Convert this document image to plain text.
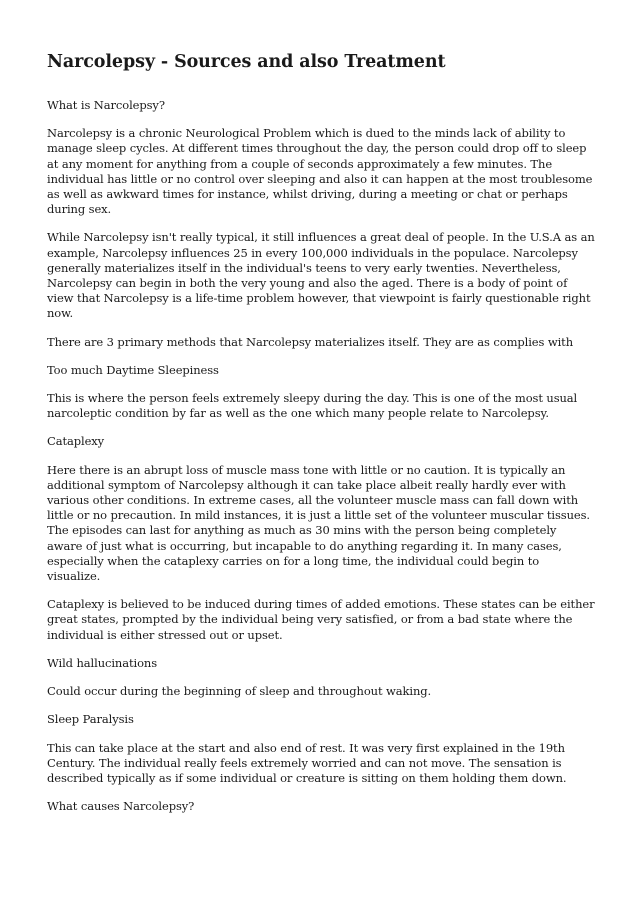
Narcolepsy - Sources and also Treatment

What is Narcolepsy?

Narcolepsy is a chronic Neurological Problem which is dued to the minds lack of ability to manage sleep cycles. At different times throughout the day, the person could drop off to sleep at any moment for anything from a couple of seconds approximately a few minutes. The individual has little or no control over sleeping and also it can happen at the most troublesome as well as awkward times for instance, whilst driving, during a meeting or chat or perhaps during sex.

While Narcolepsy isn't really typical, it still influences a great deal of people. In the U.S.A as an example, Narcolepsy influences 25 in every 100,000 individuals in the populace. Narcolepsy generally materializes itself in the individual's teens to very early twenties. Nevertheless, Narcolepsy can begin in both the very young and also the aged. There is a body of point of view that Narcolepsy is a life-time problem however, that viewpoint is fairly questionable right now.

There are 3 primary methods that Narcolepsy materializes itself. They are as complies with

Too much Daytime Sleepiness

This is where the person feels extremely sleepy during the day. This is one of the most usual narcoleptic condition by far as well as the one which many people relate to Narcolepsy.

Cataplexy

Here there is an abrupt loss of muscle mass tone with little or no caution. It is typically an additional symptom of Narcolepsy although it can take place albeit really hardly ever with various other conditions. In extreme cases, all the volunteer muscle mass can fall down with little or no precaution. In mild instances, it is just a little set of the volunteer muscular tissues. The episodes can last for anything as much as 30 mins with the person being completely aware of just what is occurring, but incapable to do anything regarding it. In many cases, especially when the cataplexy carries on for a long time, the individual could begin to visualize.

Cataplexy is believed to be induced during times of added emotions. These states can be either great states, prompted by the individual being very satisfied, or from a bad state where the individual is either stressed out or upset.

Wild hallucinations

Could occur during the beginning of sleep and throughout waking.

Sleep Paralysis

This can take place at the start and also end of rest. It was very first explained in the 19th Century. The individual really feels extremely worried and can not move. The sensation is described typically as if some individual or creature is sitting on them holding them down.

What causes Narcolepsy?
